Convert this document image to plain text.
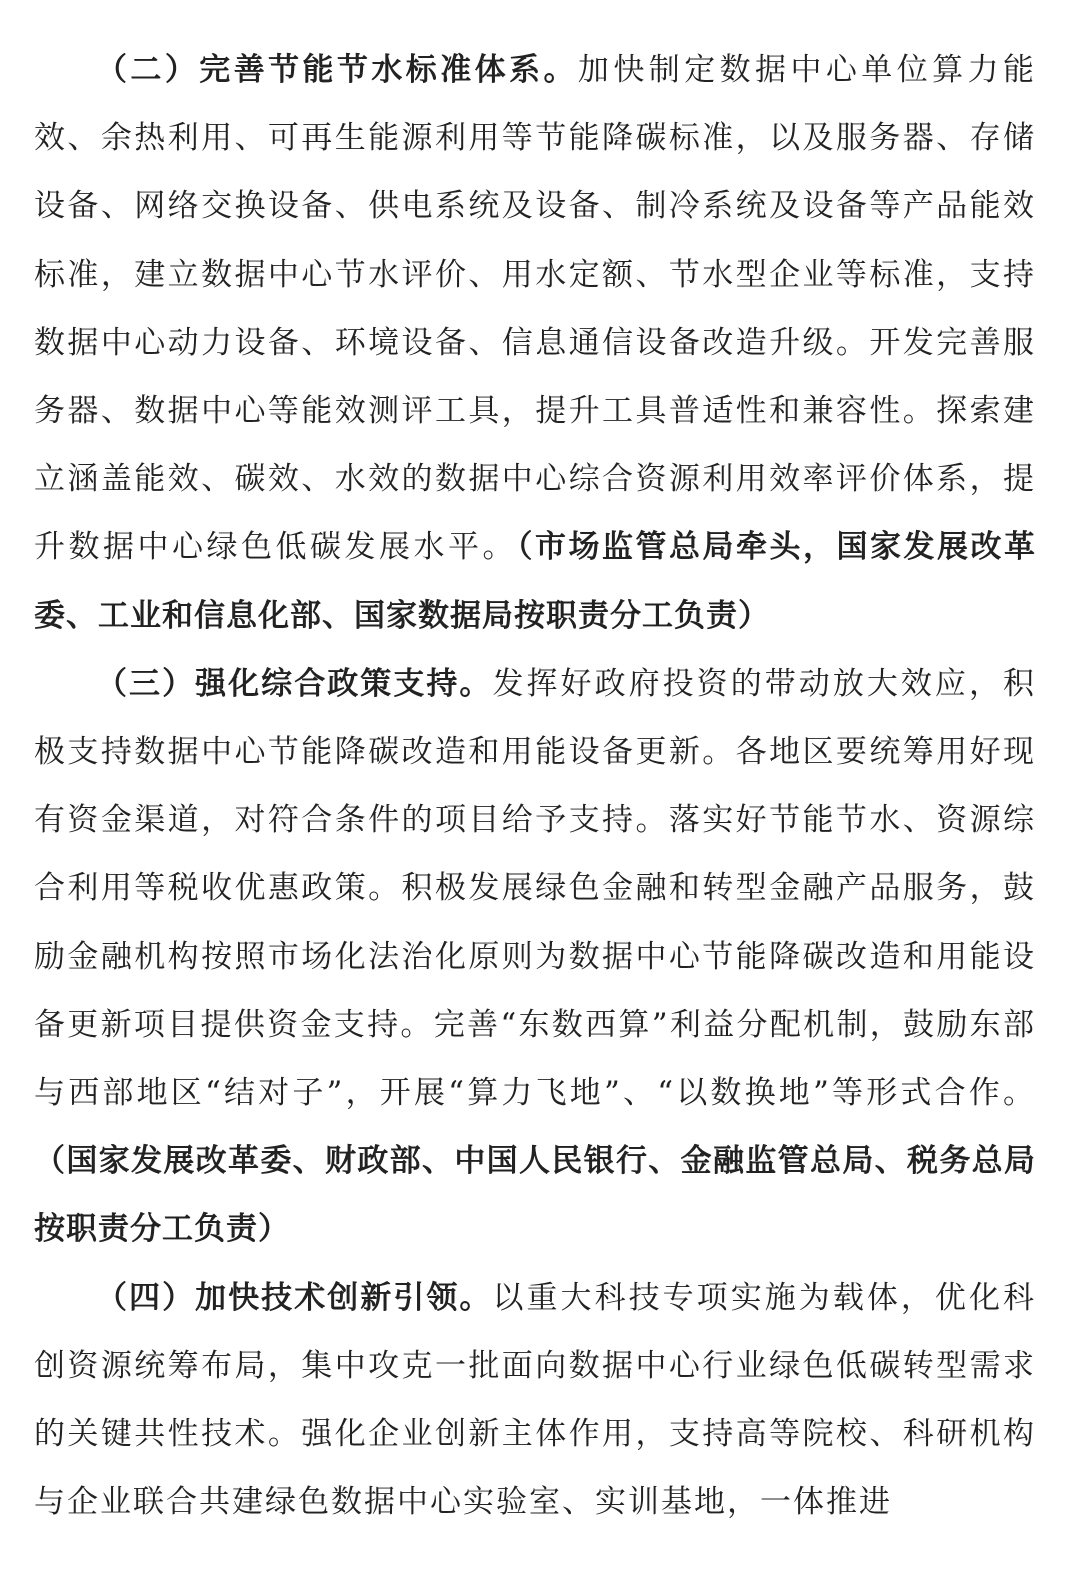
（二）完善节能节水标准体系。加快制定数据中心单位算力能效、余热利用、可再生能源利用等节能降碳标准，以及服务器、存储设备、网络交换设备、供电系统及设备、制冷系统及设备等产品能效标准，建立数据中心节水评价、用水定额、节水型企业等标准，支持数据中心动力设备、环境设备、信息通信设备改造升级。开发完善服务器、数据中心等能效测评工具，提升工具普适性和兼容性。探索建立涵盖能效、碳效、水效的数据中心综合资源利用效率评价体系，提升数据中心绿色低碳发展水平。（市场监管总局牵头，国家发展改革委、工业和信息化部、国家数据局按职责分工负责）

（三）强化综合政策支持。发挥好政府投资的带动放大效应，积极支持数据中心节能降碳改造和用能设备更新。各地区要统筹用好现有资金渠道，对符合条件的项目给予支持。落实好节能节水、资源综合利用等税收优惠政策。积极发展绿色金融和转型金融产品服务，鼓励金融机构按照市场化法治化原则为数据中心节能降碳改造和用能设备更新项目提供资金支持。完善“东数西算”利益分配机制，鼓励东部与西部地区“结对子”，开展“算力飞地”、“以数换地”等形式合作。（国家发展改革委、财政部、中国人民银行、金融监管总局、税务总局按职责分工负责）

（四）加快技术创新引领。以重大科技专项实施为载体，优化科创资源统筹布局，集中攻克一批面向数据中心行业绿色低碳转型需求的关键共性技术。强化企业创新主体作用，支持高等院校、科研机构与企业联合共建绿色数据中心实验室、实训基地，一体推进
